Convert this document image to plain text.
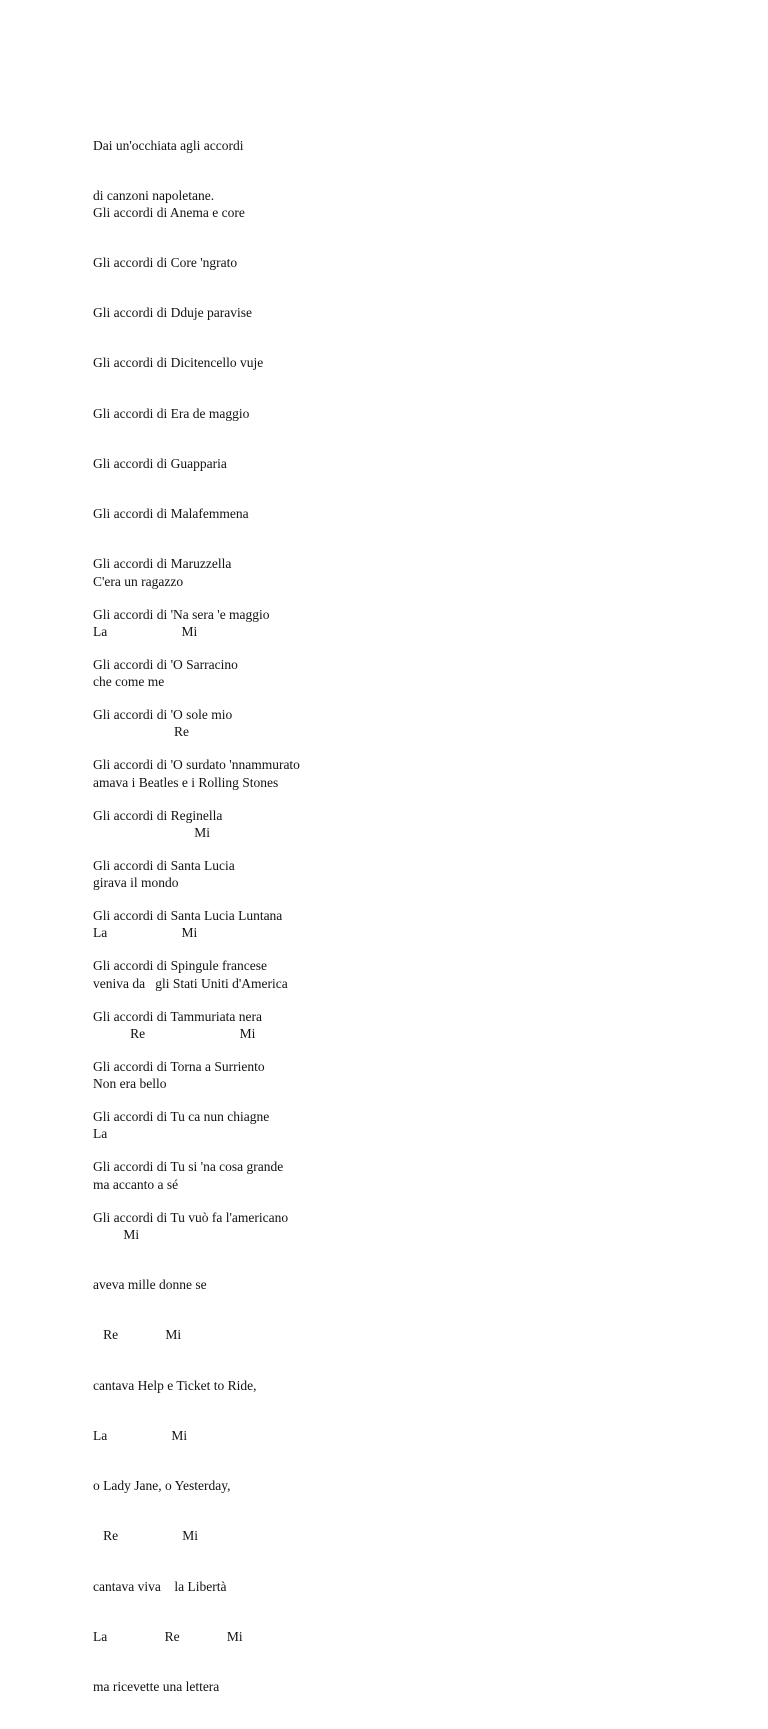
Dai un'occhiata agli accordi

di canzoni napoletane.

Gli accordi di Anema e core

Gli accordi di Core 'ngrato

Gli accordi di Dduje paravise

Gli accordi di Dicitencello vuje

Gli accordi di Era de maggio

Gli accordi di Guapparia

Gli accordi di Malafemmena

Gli accordi di Maruzzella

Gli accordi di 'Na sera 'e maggio

Gli accordi di 'O Sarracino

Gli accordi di 'O sole mio

Gli accordi di 'O surdato 'nnammurato

Gli accordi di Reginella

Gli accordi di Santa Lucia

Gli accordi di Santa Lucia Luntana

Gli accordi di Spingule francese

Gli accordi di Tammuriata nera

Gli accordi di Torna a Surriento

Gli accordi di Tu ca nun chiagne

Gli accordi di Tu si 'na cosa grande

Gli accordi di Tu vuò fa l'americano

C'era un ragazzo

La                      Mi

che come me

Re

amava i Beatles e i Rolling Stones

Mi

girava il mondo

La                      Mi

veniva da   gli Stati Uniti d'America

Re                            Mi

Non era bello

La

ma accanto a sé

Mi

aveva mille donne se

Re              Mi

cantava Help e Ticket to Ride,

La                   Mi

o Lady Jane, o Yesterday,

Re                   Mi

cantava viva    la Libertà

La                 Re              Mi

ma ricevette una lettera
